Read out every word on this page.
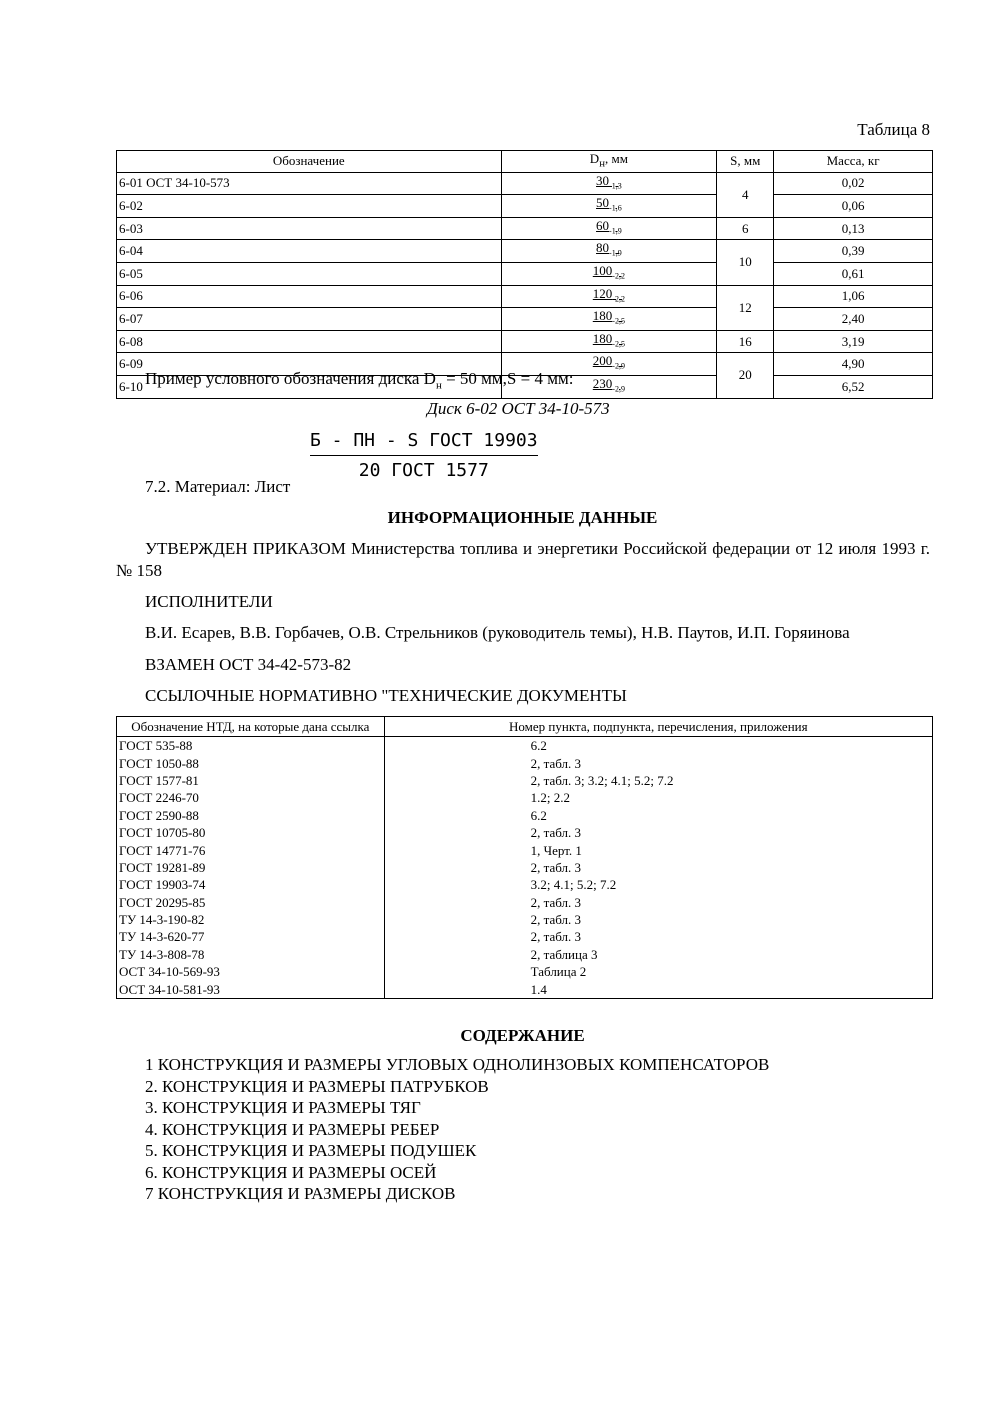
Таблица 8
Обозначение	$D_н$, мм	S, мм	Масса, кг
6-01 ОСТ 34-10-573	$30_{-1,3}$	4	0,02
6-02	$50_{-1,6}$		0,06
6-03	$60_{-1,9}$	6	0,13
6-04	$80_{-1,9}$	10	0,39
6-05	$100_{-2,2}$		0,61
6-06	$120_{-2,2}$	12	1,06
6-07	$180_{-2,5}$		2,40
6-08	$180_{-2,5}$	16	3,19
6-09	$200_{-2,9}$	20	4,90
6-10	$230_{-2,9}$		6,52
Пример условного обозначения диска $D_н = 50$ мм,S = 4 мм:
Диск 6-02 ОСТ 34-10-573
Б - ПН - S ГОСТ 19903
20 ГОСТ 1577
7.2. Материал: Лист
ИНФОРМАЦИОННЫЕ ДАННЫЕ
УТВЕРЖДЕН ПРИКАЗОМ Министерства топлива и энергетики Российской федерации от 12 июля 1993 г. № 158
ИСПОЛНИТЕЛИ
В.И. Есарев, В.В. Горбачев, О.В. Стрельников (руководитель темы), Н.В. Паутов, И.П. Горяинова
ВЗАМЕН ОСТ 34-42-573-82
ССЫЛОЧНЫЕ НОРМАТИВНО "ТЕХНИЧЕСКИЕ ДОКУМЕНТЫ
Обозначение НТД, на которые дана ссылка	Номер пункта, подпункта, перечисления, приложения
ГОСТ 535-88	6.2
ГОСТ 1050-88	2, табл. 3
ГОСТ 1577-81	2, табл. 3; 3.2; 4.1; 5.2; 7.2
ГОСТ 2246-70	1.2; 2.2
ГОСТ 2590-88	6.2
ГОСТ 10705-80	2, табл. 3
ГОСТ 14771-76	1, Черт. 1
ГОСТ 19281-89	2, табл. 3
ГОСТ 19903-74	3.2; 4.1; 5.2; 7.2
ГОСТ 20295-85	2, табл. 3
ТУ 14-3-190-82	2, табл. 3
ТУ 14-3-620-77	2, табл. 3
ТУ 14-3-808-78	2, таблица 3
ОСТ 34-10-569-93	Таблица 2
ОСТ 34-10-581-93	1.4
СОДЕРЖАНИЕ
1 КОНСТРУКЦИЯ И РАЗМЕРЫ УГЛОВЫХ ОДНОЛИНЗОВЫХ КОМПЕНСАТОРОВ
2. КОНСТРУКЦИЯ И РАЗМЕРЫ ПАТРУБКОВ
3. КОНСТРУКЦИЯ И РАЗМЕРЫ ТЯГ
4. КОНСТРУКЦИЯ И РАЗМЕРЫ РЕБЕР
5. КОНСТРУКЦИЯ И РАЗМЕРЫ ПОДУШЕК
6. КОНСТРУКЦИЯ И РАЗМЕРЫ ОСЕЙ
7 КОНСТРУКЦИЯ И РАЗМЕРЫ ДИСКОВ
